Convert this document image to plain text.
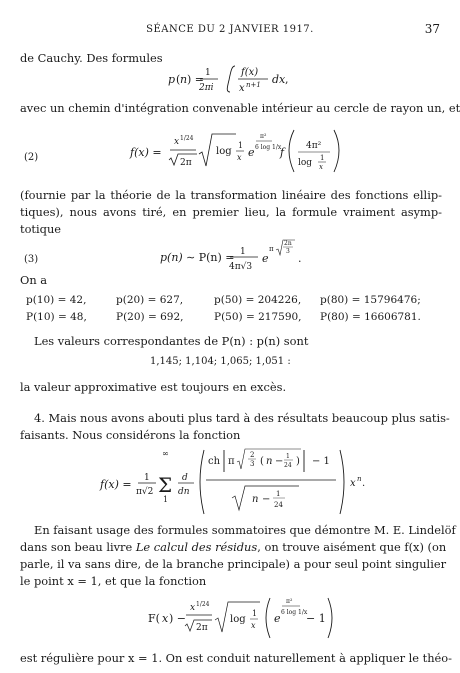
SÉANCE DU 2 JANVIER 1917.	37
de Cauchy. Des formules
p ( n ) = 1
2πi
f(x)
x n+1 dx ,
avec un chemin d'intégration convenable intérieur au cercle de rayon un, et
(2)	f(x) =
x 1/24
2π
log
1
x e
π²
6 log 1/x
f 4π²
log 1
x
(fournie par la théorie de la transformation linéaire des fonctions ellip-
tiques), nous avons tiré, en premier lieu, la formule vraiment asymp-
totique
(3)	p(n) ∼ P(n) = 1
4π√3
e
π
2n
3
.
On a
p(10) = 42,	p(20) = 627,	p(50) = 204226,	p(80) = 15796476;
P(10) = 48,	P(20) = 692,	P(50) = 217590,	P(80) = 16606781.
Les valeurs correspondantes de P(n) : p(n) sont
1,145; 1,104; 1,065; 1,051 :
la valeur approximative est toujours en excès.
4. Mais nous avons abouti plus tard à des résultats beaucoup plus satis-
faisants. Nous considérons la fonction
f(x) = 1
π√2
∞
Σ
1
d
dn
ch π
2
3 ( n − 1
24 ) − 1
n − 1
24
x n .
En faisant usage des formules sommatoires que démontre M. E. Lindelöf
dans son beau livre Le calcul des résidus, on trouve aisément que f(x) (on
parle, il va sans dire, de la branche principale) a pour seul point singulier
le point x = 1, et que la fonction
F( x ) −
x 1/24
2π
log
1
x
e
π²
6 log 1/x
− 1
est régulière pour x = 1. On est conduit naturellement à appliquer le théo-
